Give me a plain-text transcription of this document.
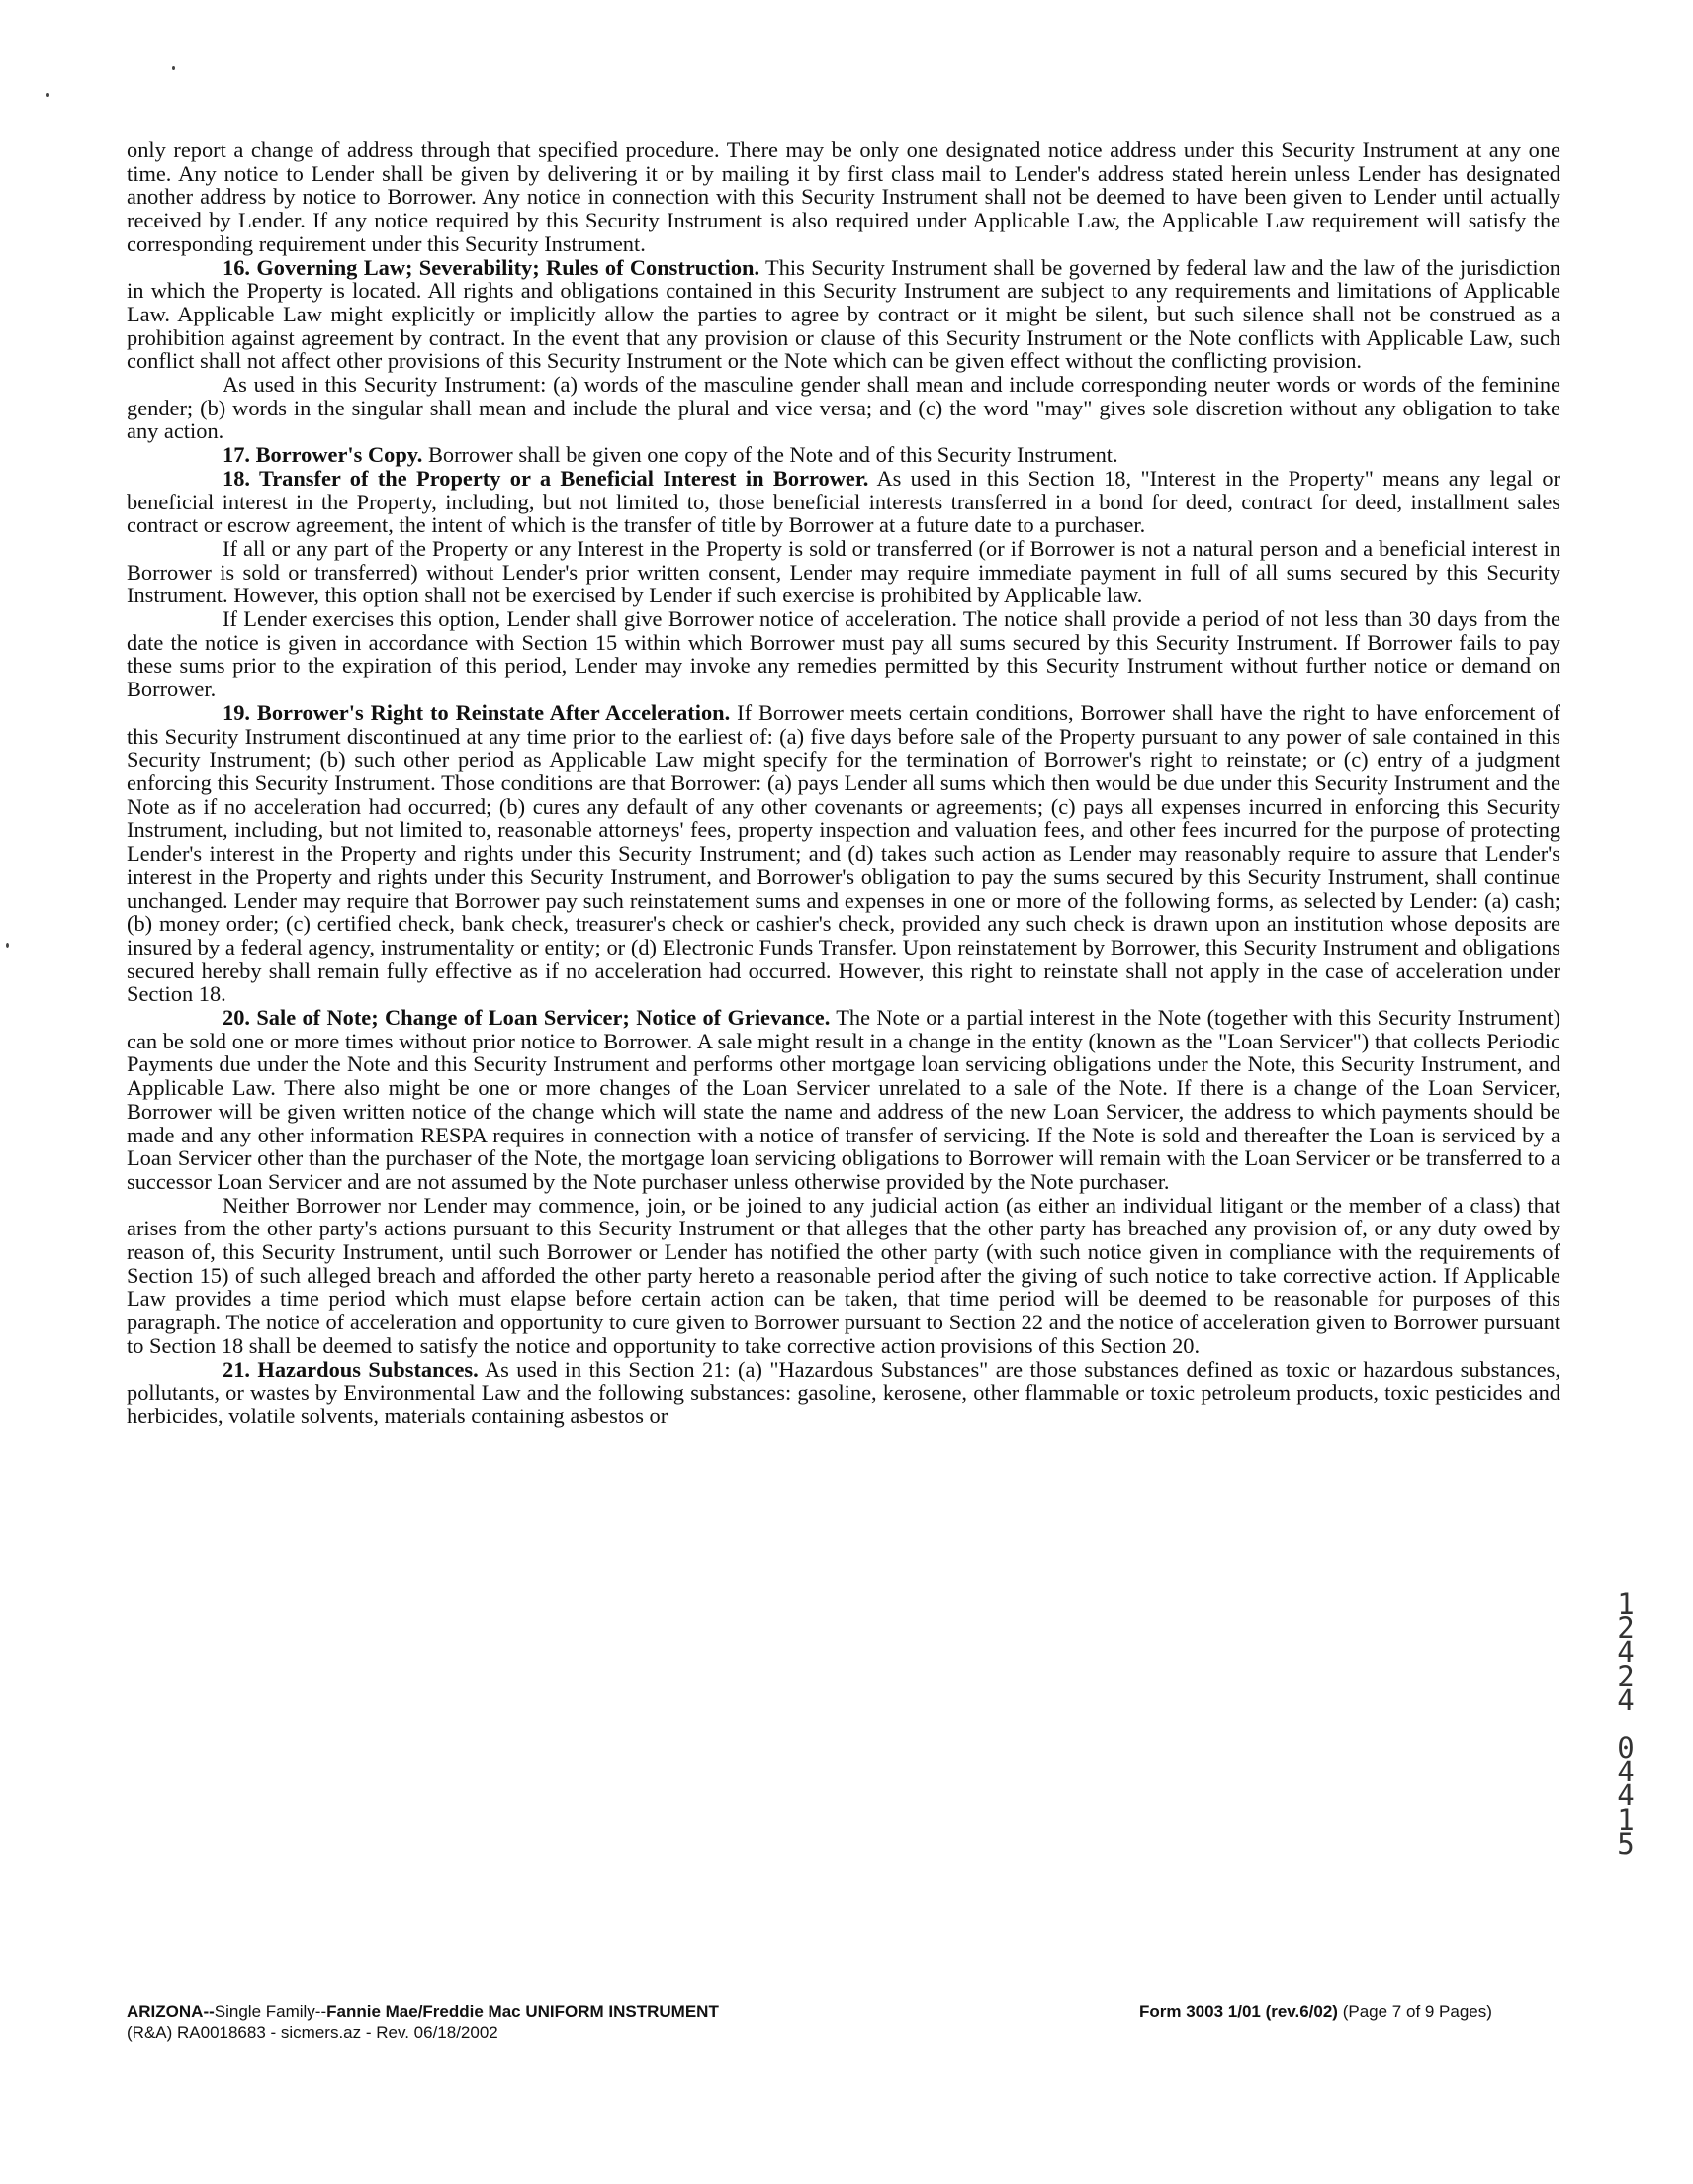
only report a change of address through that specified procedure. There may be only one designated notice address under this Security Instrument at any one time. Any notice to Lender shall be given by delivering it or by mailing it by first class mail to Lender's address stated herein unless Lender has designated another address by notice to Borrower. Any notice in connection with this Security Instrument shall not be deemed to have been given to Lender until actually received by Lender. If any notice required by this Security Instrument is also required under Applicable Law, the Applicable Law requirement will satisfy the corresponding requirement under this Security Instrument.

16. Governing Law; Severability; Rules of Construction. This Security Instrument shall be governed by federal law and the law of the jurisdiction in which the Property is located. All rights and obligations contained in this Security Instrument are subject to any requirements and limitations of Applicable Law. Applicable Law might explicitly or implicitly allow the parties to agree by contract or it might be silent, but such silence shall not be construed as a prohibition against agreement by contract. In the event that any provision or clause of this Security Instrument or the Note conflicts with Applicable Law, such conflict shall not affect other provisions of this Security Instrument or the Note which can be given effect without the conflicting provision.

As used in this Security Instrument: (a) words of the masculine gender shall mean and include corresponding neuter words or words of the feminine gender; (b) words in the singular shall mean and include the plural and vice versa; and (c) the word "may" gives sole discretion without any obligation to take any action.

17. Borrower's Copy. Borrower shall be given one copy of the Note and of this Security Instrument.

18. Transfer of the Property or a Beneficial Interest in Borrower. As used in this Section 18, "Interest in the Property" means any legal or beneficial interest in the Property, including, but not limited to, those beneficial interests transferred in a bond for deed, contract for deed, installment sales contract or escrow agreement, the intent of which is the transfer of title by Borrower at a future date to a purchaser.

If all or any part of the Property or any Interest in the Property is sold or transferred (or if Borrower is not a natural person and a beneficial interest in Borrower is sold or transferred) without Lender's prior written consent, Lender may require immediate payment in full of all sums secured by this Security Instrument. However, this option shall not be exercised by Lender if such exercise is prohibited by Applicable law.

If Lender exercises this option, Lender shall give Borrower notice of acceleration. The notice shall provide a period of not less than 30 days from the date the notice is given in accordance with Section 15 within which Borrower must pay all sums secured by this Security Instrument. If Borrower fails to pay these sums prior to the expiration of this period, Lender may invoke any remedies permitted by this Security Instrument without further notice or demand on Borrower.

19. Borrower's Right to Reinstate After Acceleration. If Borrower meets certain conditions, Borrower shall have the right to have enforcement of this Security Instrument discontinued at any time prior to the earliest of: (a) five days before sale of the Property pursuant to any power of sale contained in this Security Instrument; (b) such other period as Applicable Law might specify for the termination of Borrower's right to reinstate; or (c) entry of a judgment enforcing this Security Instrument. Those conditions are that Borrower: (a) pays Lender all sums which then would be due under this Security Instrument and the Note as if no acceleration had occurred; (b) cures any default of any other covenants or agreements; (c) pays all expenses incurred in enforcing this Security Instrument, including, but not limited to, reasonable attorneys' fees, property inspection and valuation fees, and other fees incurred for the purpose of protecting Lender's interest in the Property and rights under this Security Instrument; and (d) takes such action as Lender may reasonably require to assure that Lender's interest in the Property and rights under this Security Instrument, and Borrower's obligation to pay the sums secured by this Security Instrument, shall continue unchanged. Lender may require that Borrower pay such reinstatement sums and expenses in one or more of the following forms, as selected by Lender: (a) cash; (b) money order; (c) certified check, bank check, treasurer's check or cashier's check, provided any such check is drawn upon an institution whose deposits are insured by a federal agency, instrumentality or entity; or (d) Electronic Funds Transfer. Upon reinstatement by Borrower, this Security Instrument and obligations secured hereby shall remain fully effective as if no acceleration had occurred. However, this right to reinstate shall not apply in the case of acceleration under Section 18.

20. Sale of Note; Change of Loan Servicer; Notice of Grievance. The Note or a partial interest in the Note (together with this Security Instrument) can be sold one or more times without prior notice to Borrower. A sale might result in a change in the entity (known as the "Loan Servicer") that collects Periodic Payments due under the Note and this Security Instrument and performs other mortgage loan servicing obligations under the Note, this Security Instrument, and Applicable Law. There also might be one or more changes of the Loan Servicer unrelated to a sale of the Note. If there is a change of the Loan Servicer, Borrower will be given written notice of the change which will state the name and address of the new Loan Servicer, the address to which payments should be made and any other information RESPA requires in connection with a notice of transfer of servicing. If the Note is sold and thereafter the Loan is serviced by a Loan Servicer other than the purchaser of the Note, the mortgage loan servicing obligations to Borrower will remain with the Loan Servicer or be transferred to a successor Loan Servicer and are not assumed by the Note purchaser unless otherwise provided by the Note purchaser.

Neither Borrower nor Lender may commence, join, or be joined to any judicial action (as either an individual litigant or the member of a class) that arises from the other party's actions pursuant to this Security Instrument or that alleges that the other party has breached any provision of, or any duty owed by reason of, this Security Instrument, until such Borrower or Lender has notified the other party (with such notice given in compliance with the requirements of Section 15) of such alleged breach and afforded the other party hereto a reasonable period after the giving of such notice to take corrective action. If Applicable Law provides a time period which must elapse before certain action can be taken, that time period will be deemed to be reasonable for purposes of this paragraph. The notice of acceleration and opportunity to cure given to Borrower pursuant to Section 22 and the notice of acceleration given to Borrower pursuant to Section 18 shall be deemed to satisfy the notice and opportunity to take corrective action provisions of this Section 20.

21. Hazardous Substances. As used in this Section 21: (a) "Hazardous Substances" are those substances defined as toxic or hazardous substances, pollutants, or wastes by Environmental Law and the following substances: gasoline, kerosene, other flammable or toxic petroleum products, toxic pesticides and herbicides, volatile solvents, materials containing asbestos or

1
2
4
2
4
0
4
4
1
5
ARIZONA--Single Family--Fannie Mae/Freddie Mac UNIFORM INSTRUMENT
(R&A) RA0018683 - sicmers.az - Rev. 06/18/2002
Form 3003 1/01 (rev.6/02) (Page 7 of 9 Pages)
